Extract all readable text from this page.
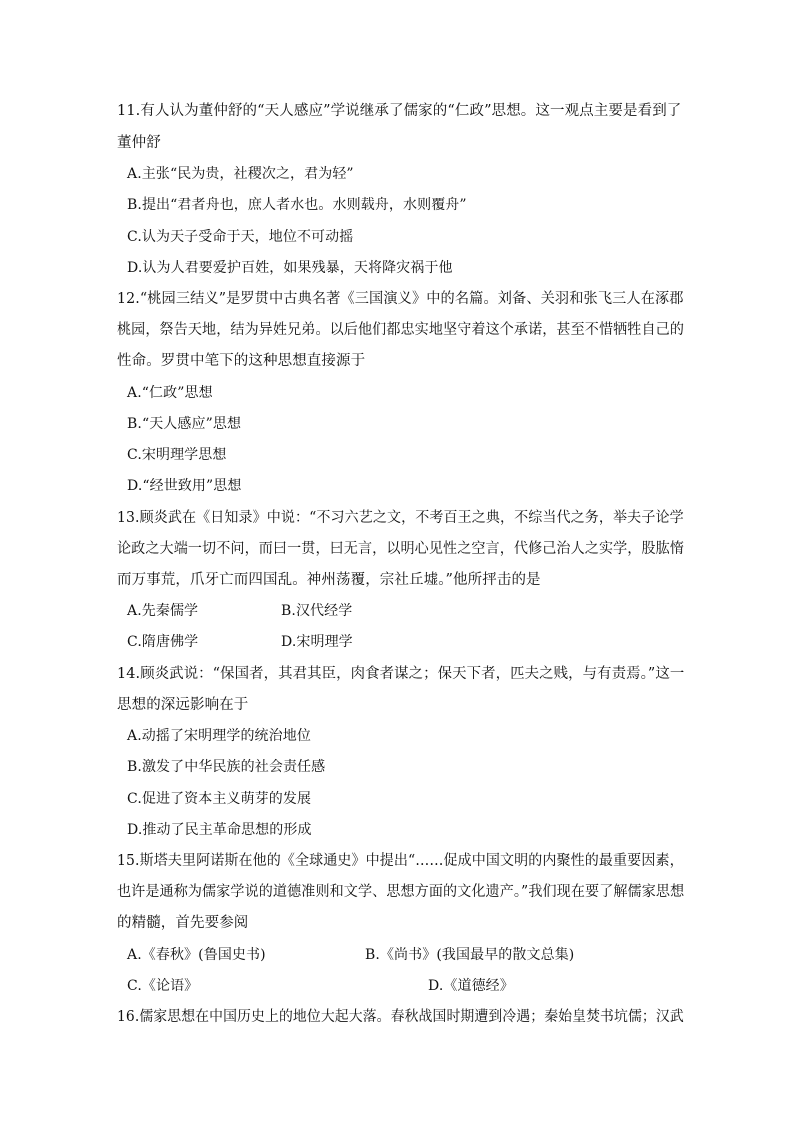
11.有人认为董仲舒的“天人感应”学说继承了儒家的“仁政”思想。这一观点主要是看到了
董仲舒
A.主张“民为贵，社稷次之，君为轻”
B.提出“君者舟也，庶人者水也。水则载舟，水则覆舟”
C.认为天子受命于天，地位不可动摇
D.认为人君要爱护百姓，如果残暴，天将降灾祸于他
12.“桃园三结义”是罗贯中古典名著《三国演义》中的名篇。刘备、关羽和张飞三人在涿郡
桃园，祭告天地，结为异姓兄弟。以后他们都忠实地坚守着这个承诺，甚至不惜牺牲自己的
性命。罗贯中笔下的这种思想直接源于
A.“仁政”思想
B.“天人感应”思想
C.宋明理学思想
D.“经世致用”思想
13.顾炎武在《日知录》中说：“不习六艺之文，不考百王之典，不综当代之务，举夫子论学
论政之大端一切不问，而曰一贯，曰无言，以明心见性之空言，代修己治人之实学，股肱惰
而万事荒，爪牙亡而四国乱。神州荡覆，宗社丘墟。”他所抨击的是
A.先秦儒学	B.汉代经学
C.隋唐佛学	D.宋明理学
14.顾炎武说：“保国者，其君其臣，肉食者谋之；保天下者，匹夫之贱，与有责焉。”这一
思想的深远影响在于
A.动摇了宋明理学的统治地位
B.激发了中华民族的社会责任感
C.促进了资本主义萌芽的发展
D.推动了民主革命思想的形成
15.斯塔夫里阿诺斯在他的《全球通史》中提出“……促成中国文明的内聚性的最重要因素，
也许是通称为儒家学说的道德准则和文学、思想方面的文化遗产。”我们现在要了解儒家思想
的精髓，首先要参阅
A.《春秋》(鲁国史书)	B.《尚书》(我国最早的散文总集)
C.《论语》	D.《道德经》
16.儒家思想在中国历史上的地位大起大落。春秋战国时期遭到冷遇；秦始皇焚书坑儒；汉武
